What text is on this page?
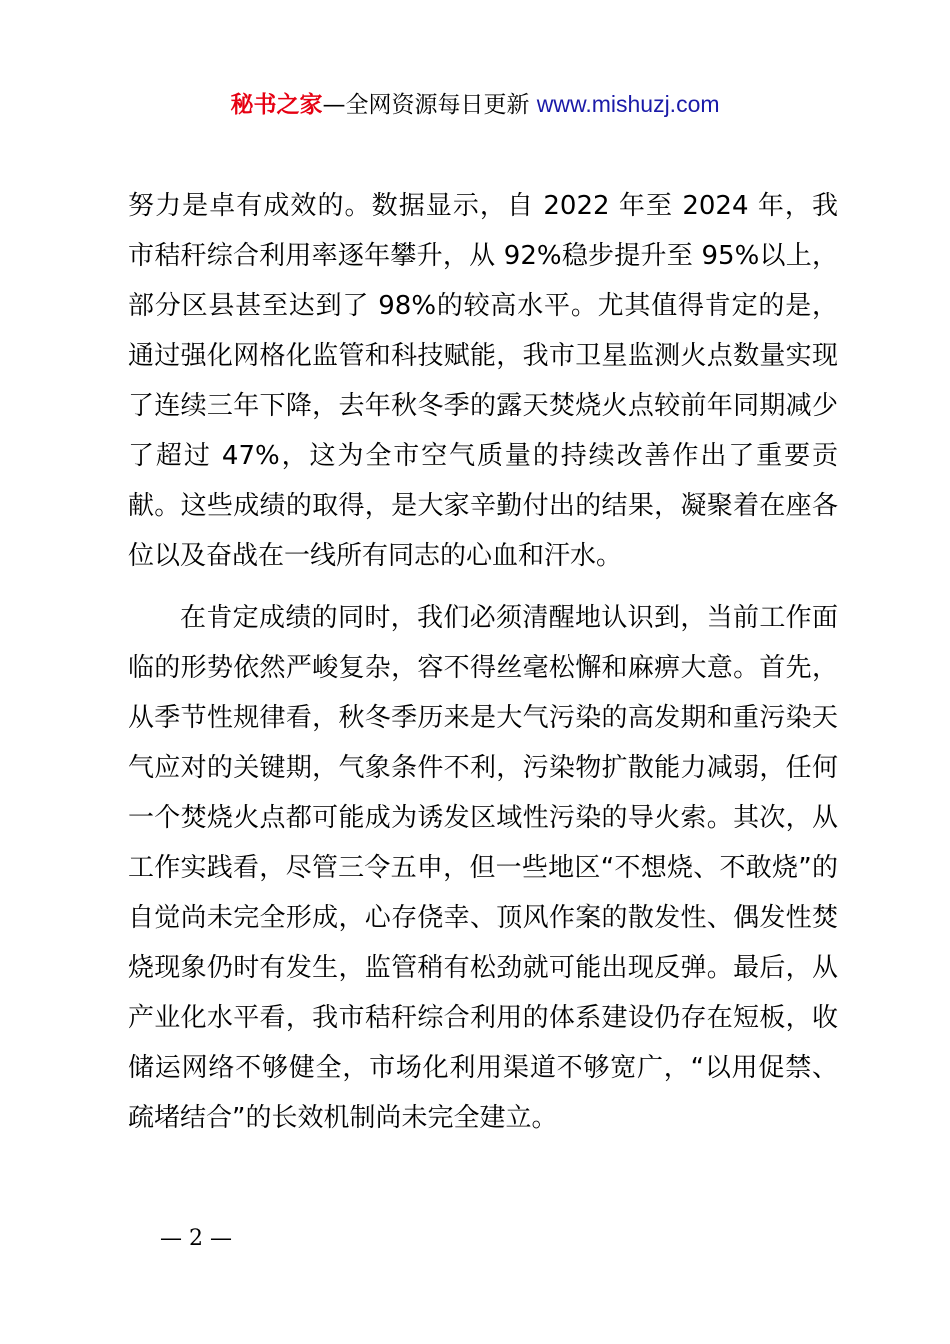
秘书之家—全网资源每日更新 www.mishuzj.com

努力是卓有成效的。数据显示，自 2022 年至 2024 年，我市秸秆综合利用率逐年攀升，从 92%稳步提升至 95%以上，部分区县甚至达到了 98%的较高水平。尤其值得肯定的是，通过强化网格化监管和科技赋能，我市卫星监测火点数量实现了连续三年下降，去年秋冬季的露天焚烧火点较前年同期减少了超过 47%，这为全市空气质量的持续改善作出了重要贡献。这些成绩的取得，是大家辛勤付出的结果，凝聚着在座各位以及奋战在一线所有同志的心血和汗水。

在肯定成绩的同时，我们必须清醒地认识到，当前工作面临的形势依然严峻复杂，容不得丝毫松懈和麻痹大意。首先，从季节性规律看，秋冬季历来是大气污染的高发期和重污染天气应对的关键期，气象条件不利，污染物扩散能力减弱，任何一个焚烧火点都可能成为诱发区域性污染的导火索。其次，从工作实践看，尽管三令五申，但一些地区“不想烧、不敢烧”的自觉尚未完全形成，心存侥幸、顶风作案的散发性、偶发性焚烧现象仍时有发生，监管稍有松劲就可能出现反弹。最后，从产业化水平看，我市秸秆综合利用的体系建设仍存在短板，收储运网络不够健全，市场化利用渠道不够宽广，“以用促禁、疏堵结合”的长效机制尚未完全建立。

— 2 —
